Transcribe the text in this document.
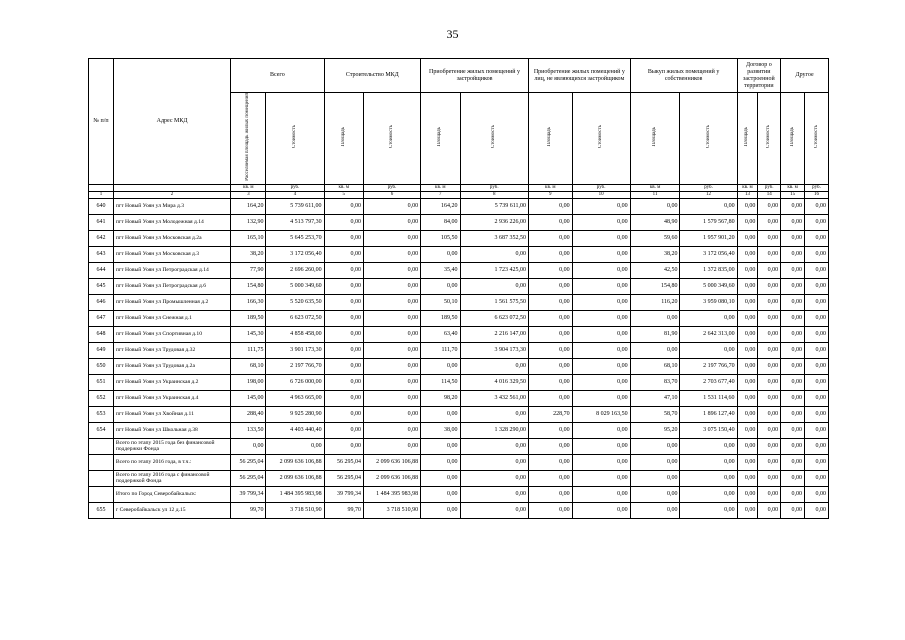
35
№ п/п	Адрес МКД	Всего		Строительство МКД		Приобретение жилых помещений у застройщиков		Приобретение жилых помещений у лиц, не являющихся застройщиком		Выкуп жилых помещений у собственников		Договор о развитии застроенной территории		Другое	
		Расселяемая площадь жилых помещений	Стоимость	Площадь	Стоимость	Площадь	Стоимость	Площадь	Стоимость	Площадь	Стоимость	Площадь	Стоимость	Площадь	Стоимость
		кв. м	руб.	кв. м	руб.	кв. м	руб.	кв. м	руб.	кв. м	руб.	кв. м	руб.	кв. м	руб.
1	2	3	4	5	6	7	8	9	10	11	12	13	14	15	16
640	пгт Новый Уоян ул Мира д.3	164,20	5 739 611,00	0,00	0,00	164,20	5 739 611,00	0,00	0,00	0,00	0,00	0,00	0,00	0,00	0,00
641	пгт Новый Уоян ул Молодежная д.14	132,90	4 513 797,30	0,00	0,00	84,00	2 936 226,00	0,00	0,00	48,90	1 579 567,80	0,00	0,00	0,00	0,00
642	пгт Новый Уоян ул Московская д.2а	165,10	5 645 253,70	0,00	0,00	105,50	3 687 352,50	0,00	0,00	59,60	1 957 901,20	0,00	0,00	0,00	0,00
643	пгт Новый Уоян ул Московская д.3	38,20	3 172 056,40	0,00	0,00	0,00	0,00	0,00	0,00	38,20	3 172 056,40	0,00	0,00	0,00	0,00
644	пгт Новый Уоян ул Петроградская д.14	77,90	2 696 260,00	0,00	0,00	35,40	1 723 425,00	0,00	0,00	42,50	1 372 835,00	0,00	0,00	0,00	0,00
645	пгт Новый Уоян ул Петроградская д.6	154,80	5 000 349,60	0,00	0,00	0,00	0,00	0,00	0,00	154,80	5 000 349,60	0,00	0,00	0,00	0,00
646	пгт Новый Уоян ул Промышленная д.2	166,30	5 520 635,50	0,00	0,00	50,10	1 561 575,50	0,00	0,00	116,20	3 959 080,10	0,00	0,00	0,00	0,00
647	пгт Новый Уоян ул Снежная д.1	189,50	6 623 072,50	0,00	0,00	189,50	6 623 072,50	0,00	0,00	0,00	0,00	0,00	0,00	0,00	0,00
648	пгт Новый Уоян ул Спортивная д.10	145,30	4 858 458,00	0,00	0,00	63,40	2 216 147,00	0,00	0,00	81,90	2 642 313,00	0,00	0,00	0,00	0,00
649	пгт Новый Уоян ул Трудовая д.32	111,75	3 901 173,30	0,00	0,00	111,70	3 904 173,30	0,00	0,00	0,00	0,00	0,00	0,00	0,00	0,00
650	пгт Новый Уоян ул Трудовая д.2а	68,10	2 197 766,70	0,00	0,00	0,00	0,00	0,00	0,00	68,10	2 197 766,70	0,00	0,00	0,00	0,00
651	пгт Новый Уоян ул Украинская д.2	198,00	6 726 000,00	0,00	0,00	114,50	4 016 329,50	0,00	0,00	83,70	2 703 677,40	0,00	0,00	0,00	0,00
652	пгт Новый Уоян ул Украинская д.4	145,00	4 963 665,00	0,00	0,00	98,20	3 432 561,00	0,00	0,00	47,10	1 531 114,60	0,00	0,00	0,00	0,00
653	пгт Новый Уоян ул Хвойная д.11	288,40	9 925 280,90	0,00	0,00	0,00	0,00	228,70	8 029 163,50	58,70	1 896 127,40	0,00	0,00	0,00	0,00
654	пгт Новый Уоян ул Школьная д.38	133,50	4 403 440,40	0,00	0,00	38,00	1 328 290,00	0,00	0,00	95,20	3 075 150,40	0,00	0,00	0,00	0,00
	Всего по этапу 2015 года без финансовой поддержки Фонда	0,00	0,00	0,00	0,00	0,00	0,00	0,00	0,00	0,00	0,00	0,00	0,00	0,00	0,00
	Всего по этапу 2016 года, в т.ч.:	56 295,04	2 099 636 106,88	56 295,04	2 099 636 106,88	0,00	0,00	0,00	0,00	0,00	0,00	0,00	0,00	0,00	0,00
	Всего по этапу 2016 года с финансовой поддержкой Фонда	56 295,04	2 099 636 106,88	56 295,04	2 099 636 106,88	0,00	0,00	0,00	0,00	0,00	0,00	0,00	0,00	0,00	0,00
	Итого по Город Северобайкальск:	39 799,34	1 484 395 983,98	39 799,34	1 484 395 983,98	0,00	0,00	0,00	0,00	0,00	0,00	0,00	0,00	0,00	0,00
655	г Северобайкальск ул 12 д.15	99,70	3 718 510,90	99,70	3 718 510,90	0,00	0,00	0,00	0,00	0,00	0,00	0,00	0,00	0,00	0,00
